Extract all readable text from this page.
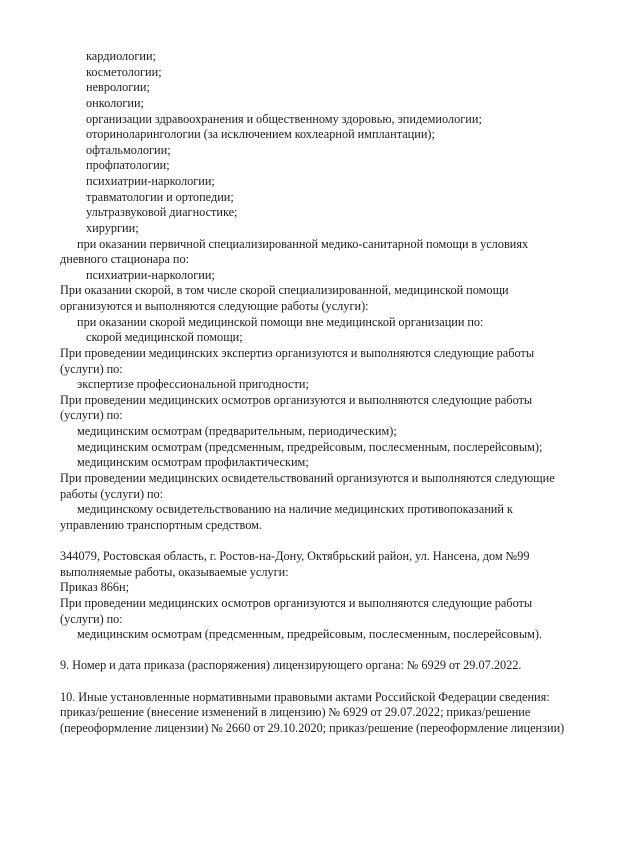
кардиологии;

косметологии;

неврологии;

онкологии;

организации здравоохранения и общественному здоровью, эпидемиологии;

оториноларингологии (за исключением кохлеарной имплантации);

офтальмологии;

профпатологии;

психиатрии-наркологии;

травматологии и ортопедии;

ультразвуковой диагностике;

хирургии;

при оказании первичной специализированной медико-санитарной помощи в условиях дневного стационара по:

психиатрии-наркологии;

При оказании скорой, в том числе скорой специализированной, медицинской помощи организуются и выполняются следующие работы (услуги):

при оказании скорой медицинской помощи вне медицинской организации по:

скорой медицинской помощи;

При проведении медицинских экспертиз организуются и выполняются следующие работы (услуги) по:

экспертизе профессиональной пригодности;

При проведении медицинских осмотров организуются и выполняются следующие работы (услуги) по:

медицинским осмотрам (предварительным, периодическим);

медицинским осмотрам (предсменным, предрейсовым, послесменным, послерейсовым);

медицинским осмотрам профилактическим;

При проведении медицинских освидетельствований организуются и выполняются следующие работы (услуги) по:

медицинскому освидетельствованию на наличие медицинских противопоказаний к управлению транспортным средством.

344079, Ростовская область, г. Ростов-на-Дону, Октябрьский район, ул. Нансена, дом №99

выполняемые работы, оказываемые услуги:

Приказ 866н;

При проведении медицинских осмотров организуются и выполняются следующие работы (услуги) по:

медицинским осмотрам (предсменным, предрейсовым, послесменным, послерейсовым).

9. Номер и дата приказа (распоряжения) лицензирующего органа: № 6929 от 29.07.2022.

10. Иные установленные нормативными правовыми актами Российской Федерации сведения: приказ/решение (внесение изменений в лицензию) № 6929 от 29.07.2022; приказ/решение (переоформление лицензии) № 2660 от 29.10.2020; приказ/решение (переоформление лицензии)
